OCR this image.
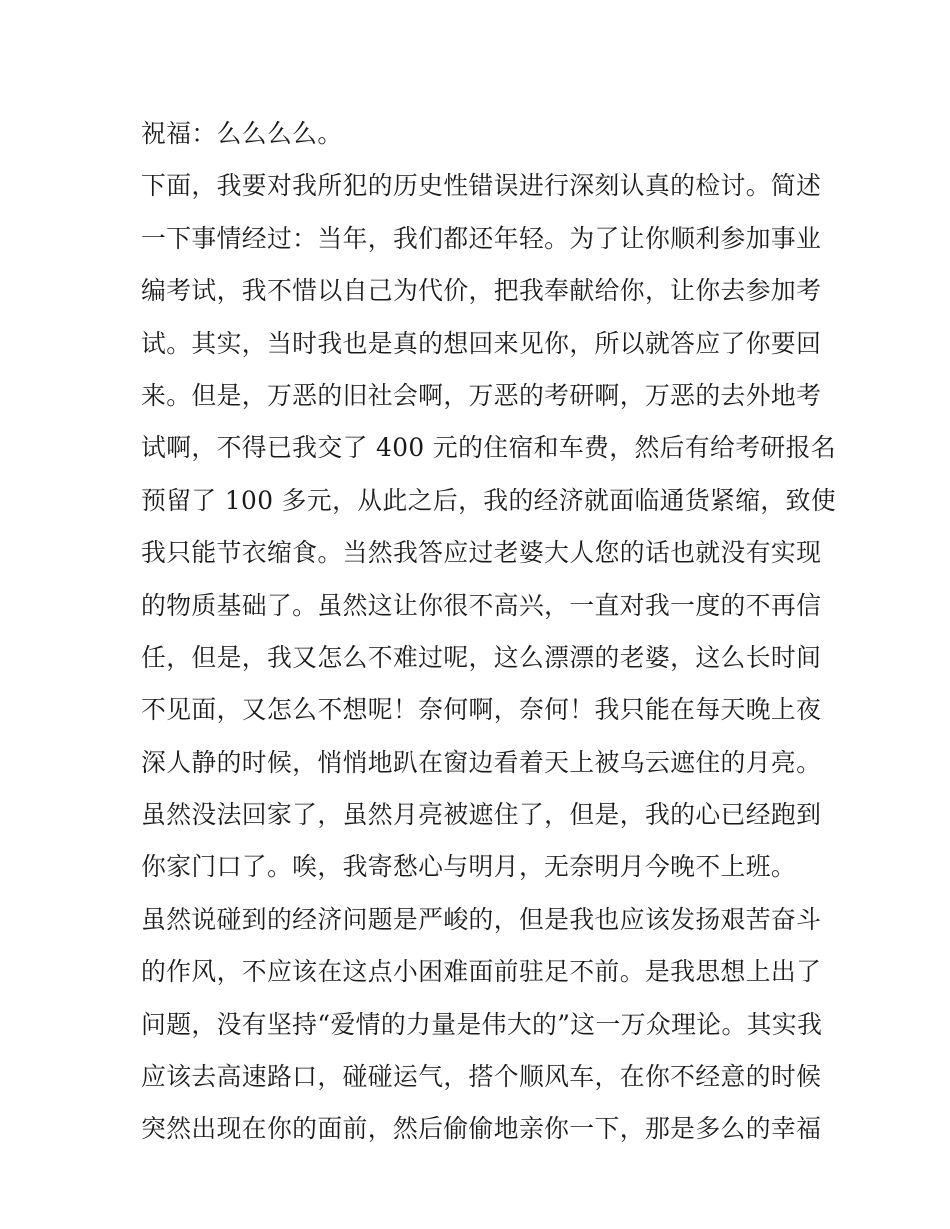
祝福：么么么么。
下面，我要对我所犯的历史性错误进行深刻认真的检讨。简述
一下事情经过：当年，我们都还年轻。为了让你顺利参加事业
编考试，我不惜以自己为代价，把我奉献给你，让你去参加考
试。其实，当时我也是真的想回来见你，所以就答应了你要回
来。但是，万恶的旧社会啊，万恶的考研啊，万恶的去外地考
试啊，不得已我交了 400 元的住宿和车费，然后有给考研报名
预留了 100 多元，从此之后，我的经济就面临通货紧缩，致使
我只能节衣缩食。当然我答应过老婆大人您的话也就没有实现
的物质基础了。虽然这让你很不高兴，一直对我一度的不再信
任，但是，我又怎么不难过呢，这么漂漂的老婆，这么长时间
不见面，又怎么不想呢！奈何啊，奈何！我只能在每天晚上夜
深人静的时候，悄悄地趴在窗边看着天上被乌云遮住的月亮。
虽然没法回家了，虽然月亮被遮住了，但是，我的心已经跑到
你家门口了。唉，我寄愁心与明月，无奈明月今晚不上班。
虽然说碰到的经济问题是严峻的，但是我也应该发扬艰苦奋斗
的作风，不应该在这点小困难面前驻足不前。是我思想上出了
问题，没有坚持“爱情的力量是伟大的”这一万众理论。其实我
应该去高速路口，碰碰运气，搭个顺风车，在你不经意的时候
突然出现在你的面前，然后偷偷地亲你一下，那是多么的幸福
